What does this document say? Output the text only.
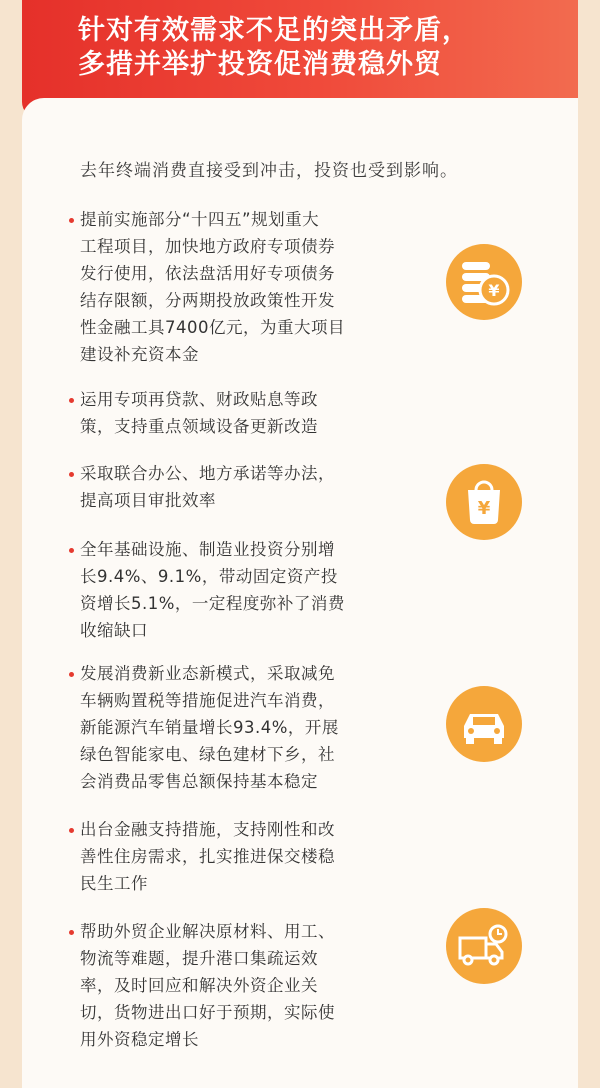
针对有效需求不足的突出矛盾，
多措并举扩投资促消费稳外贸
去年终端消费直接受到冲击，投资也受到影响。
提前实施部分“十四五”规划重大
工程项目，加快地方政府专项债券
发行使用，依法盘活用好专项债务
结存限额，分两期投放政策性开发
性金融工具7400亿元，为重大项目
建设补充资本金
运用专项再贷款、财政贴息等政
策，支持重点领域设备更新改造
采取联合办公、地方承诺等办法，
提高项目审批效率
全年基础设施、制造业投资分别增
长9.4%、9.1%，带动固定资产投
资增长5.1%，一定程度弥补了消费
收缩缺口
发展消费新业态新模式，采取减免
车辆购置税等措施促进汽车消费，
新能源汽车销量增长93.4%，开展
绿色智能家电、绿色建材下乡，社
会消费品零售总额保持基本稳定
出台金融支持措施，支持刚性和改
善性住房需求，扎实推进保交楼稳
民生工作
帮助外贸企业解决原材料、用工、
物流等难题，提升港口集疏运效
率，及时回应和解决外资企业关
切，货物进出口好于预期，实际使
用外资稳定增长
¥
¥
